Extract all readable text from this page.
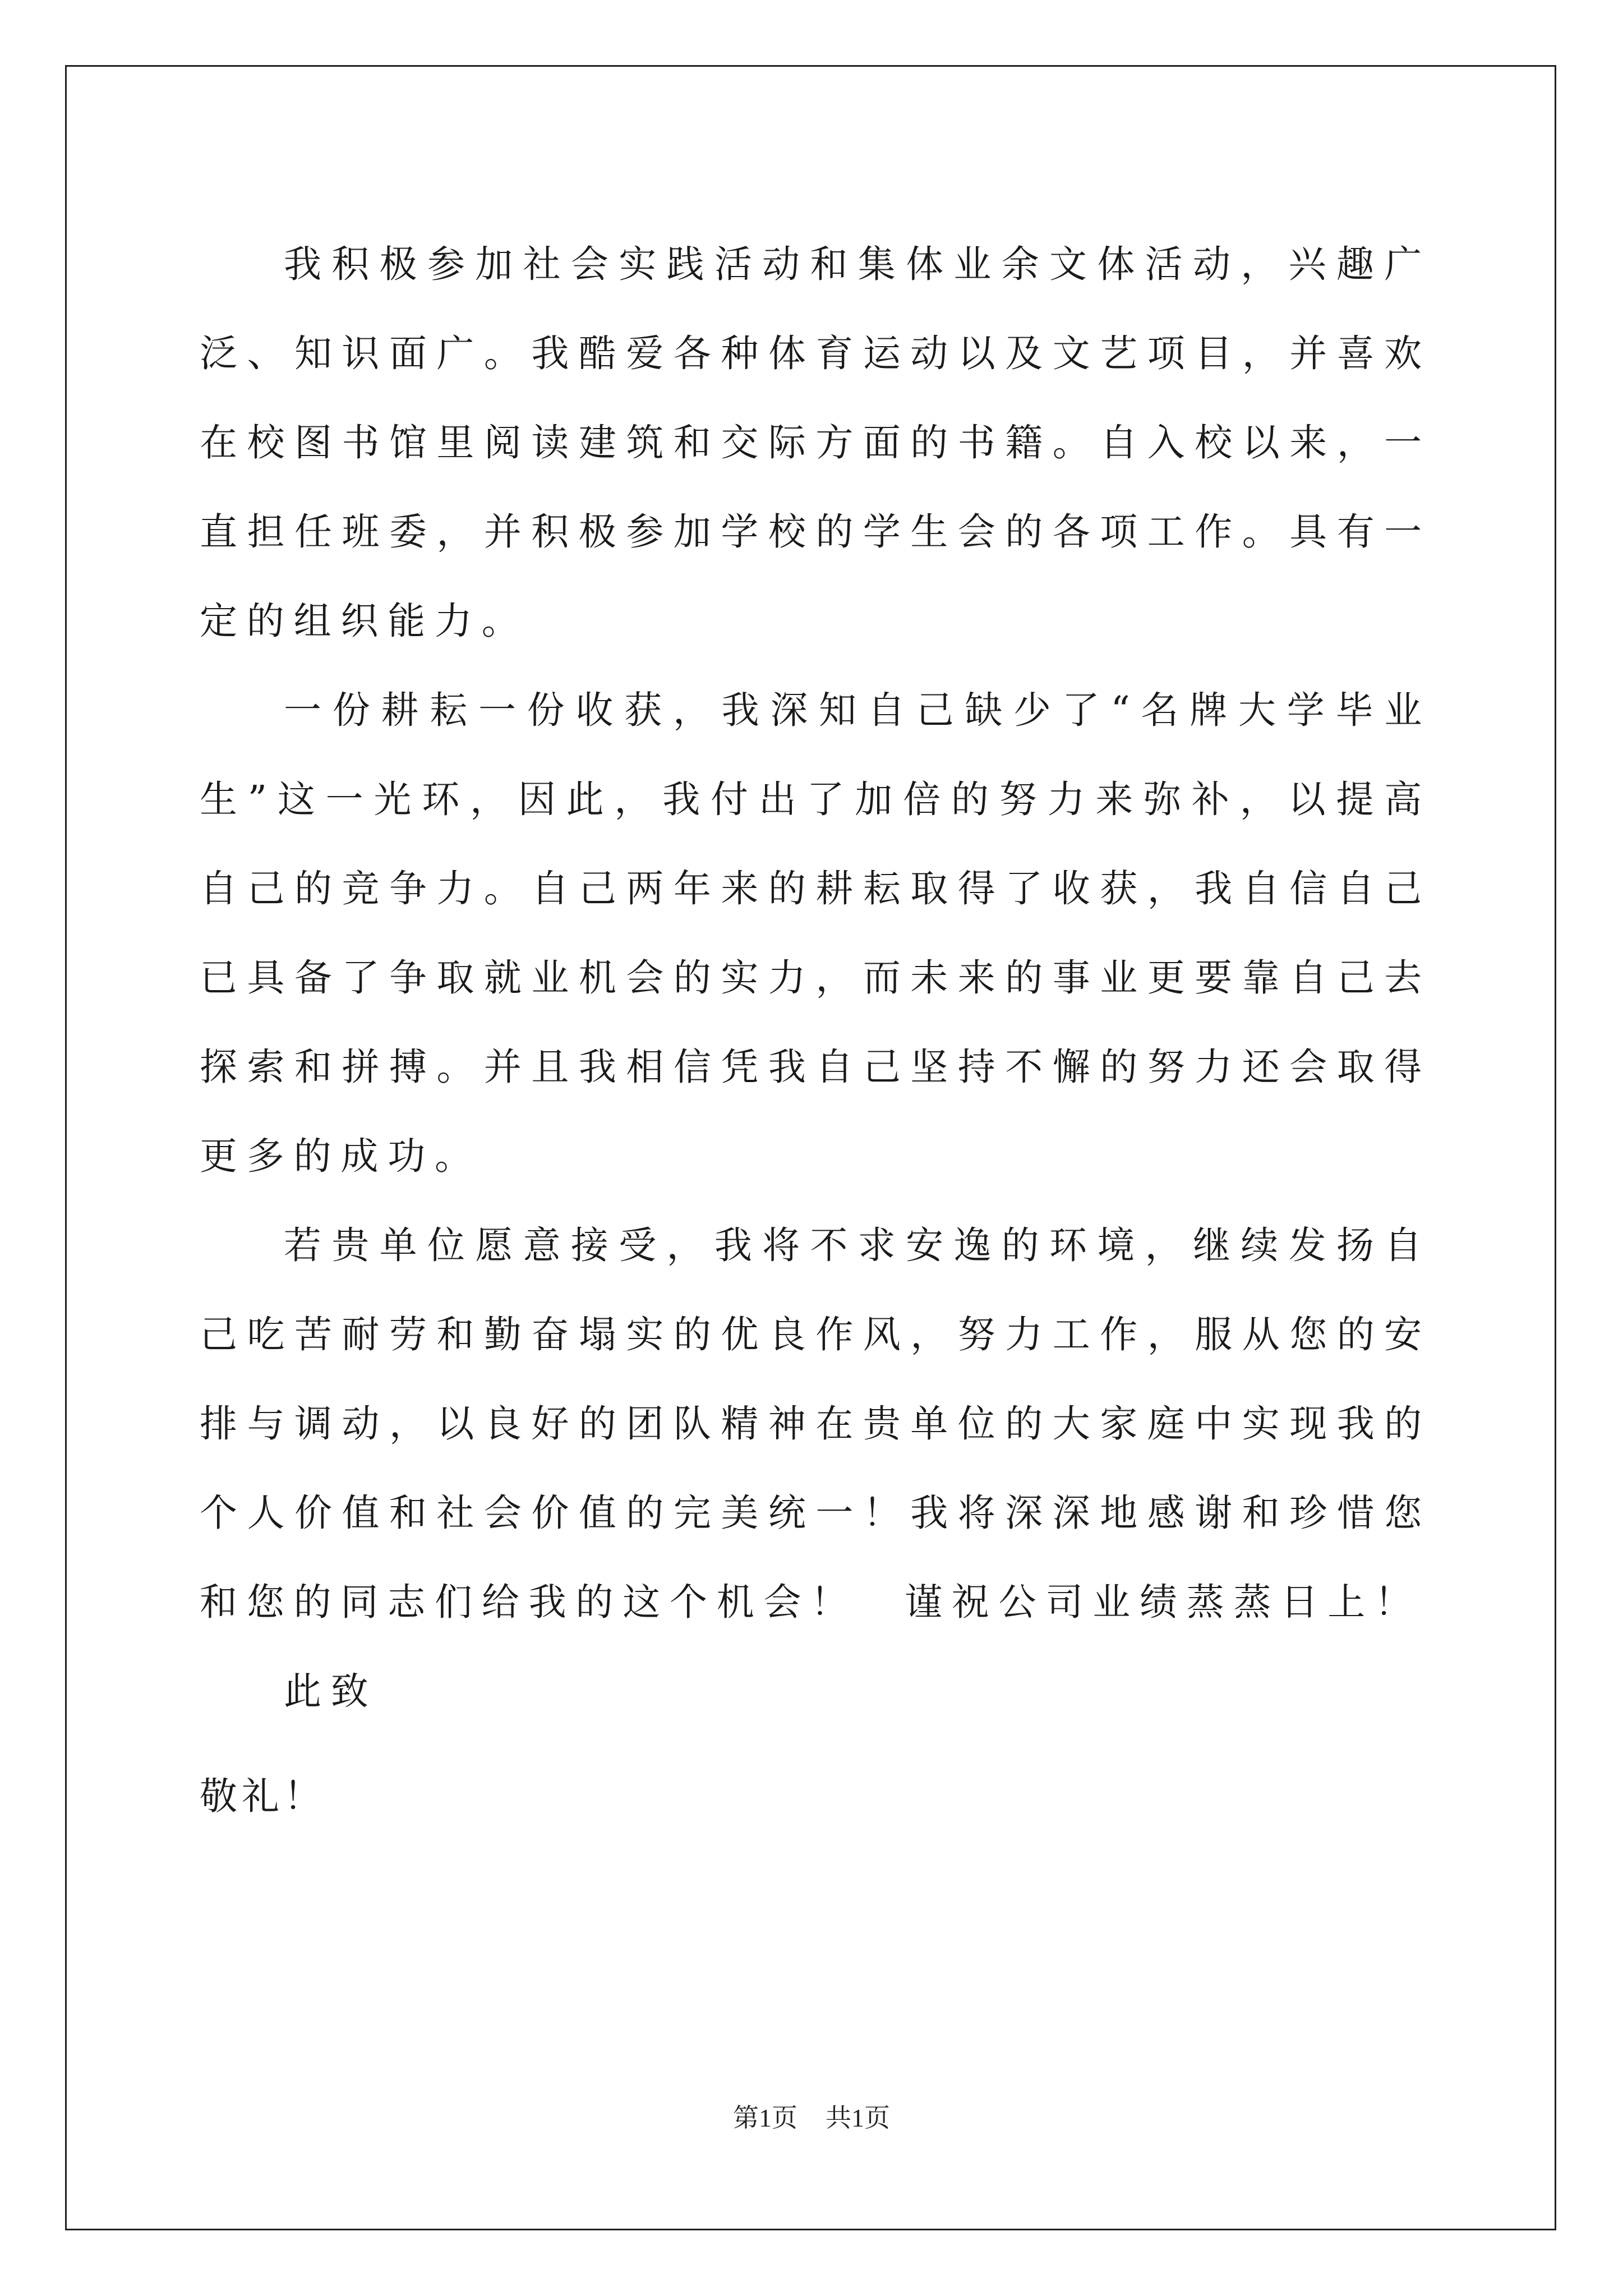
我积极参加社会实践活动和集体业余文体活动，兴趣广泛、知识面广。我酷爱各种体育运动以及文艺项目，并喜欢在校图书馆里阅读建筑和交际方面的书籍。自入校以来，一直担任班委，并积极参加学校的学生会的各项工作。具有一定的组织能力。

一份耕耘一份收获，我深知自己缺少了“名牌大学毕业生”这一光环，因此，我付出了加倍的努力来弥补，以提高自己的竞争力。自己两年来的耕耘取得了收获，我自信自己已具备了争取就业机会的实力，而未来的事业更要靠自己去探索和拼搏。并且我相信凭我自己坚持不懈的努力还会取得更多的成功。

若贵单位愿意接受，我将不求安逸的环境，继续发扬自己吃苦耐劳和勤奋塌实的优良作风，努力工作，服从您的安排与调动，以良好的团队精神在贵单位的大家庭中实现我的个人价值和社会价值的完美统一！我将深深地感谢和珍惜您和您的同志们给我的这个机会！　谨祝公司业绩蒸蒸日上！

此致

敬礼！

第1页 共1页
